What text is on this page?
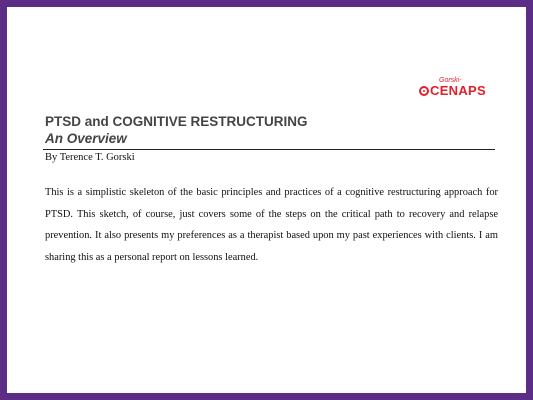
Gorski-
CENAPS
PTSD and COGNITIVE RESTRUCTURING
An Overview
By Terence T. Gorski

This is a simplistic skeleton of the basic principles and practices of a cognitive restructuring approach for PTSD. This sketch, of course, just covers some of the steps on the critical path to recovery and relapse prevention. It also presents my preferences as a therapist based upon my past experiences with clients. I am sharing this as a personal report on lessons learned.
